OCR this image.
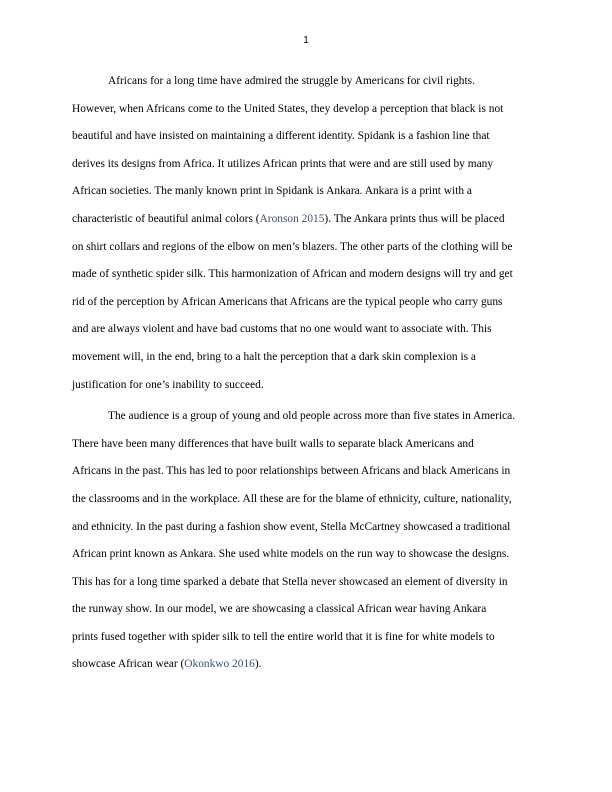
1

Africans for a long time have admired the struggle by Americans for civil rights.
However, when Africans come to the United States, they develop a perception that black is not
beautiful and have insisted on maintaining a different identity. Spidank is a fashion line that
derives its designs from Africa. It utilizes African prints that were and are still used by many
African societies. The manly known print in Spidank is Ankara. Ankara is a print with a
characteristic of beautiful animal colors (Aronson 2015). The Ankara prints thus will be placed
on shirt collars and regions of the elbow on men’s blazers. The other parts of the clothing will be
made of synthetic spider silk. This harmonization of African and modern designs will try and get
rid of the perception by African Americans that Africans are the typical people who carry guns
and are always violent and have bad customs that no one would want to associate with. This
movement will, in the end, bring to a halt the perception that a dark skin complexion is a
justification for one’s inability to succeed.

The audience is a group of young and old people across more than five states in America.
There have been many differences that have built walls to separate black Americans and
Africans in the past. This has led to poor relationships between Africans and black Americans in
the classrooms and in the workplace. All these are for the blame of ethnicity, culture, nationality,
and ethnicity. In the past during a fashion show event, Stella McCartney showcased a traditional
African print known as Ankara. She used white models on the run way to showcase the designs.
This has for a long time sparked a debate that Stella never showcased an element of diversity in
the runway show. In our model, we are showcasing a classical African wear having Ankara
prints fused together with spider silk to tell the entire world that it is fine for white models to
showcase African wear (Okonkwo 2016).
